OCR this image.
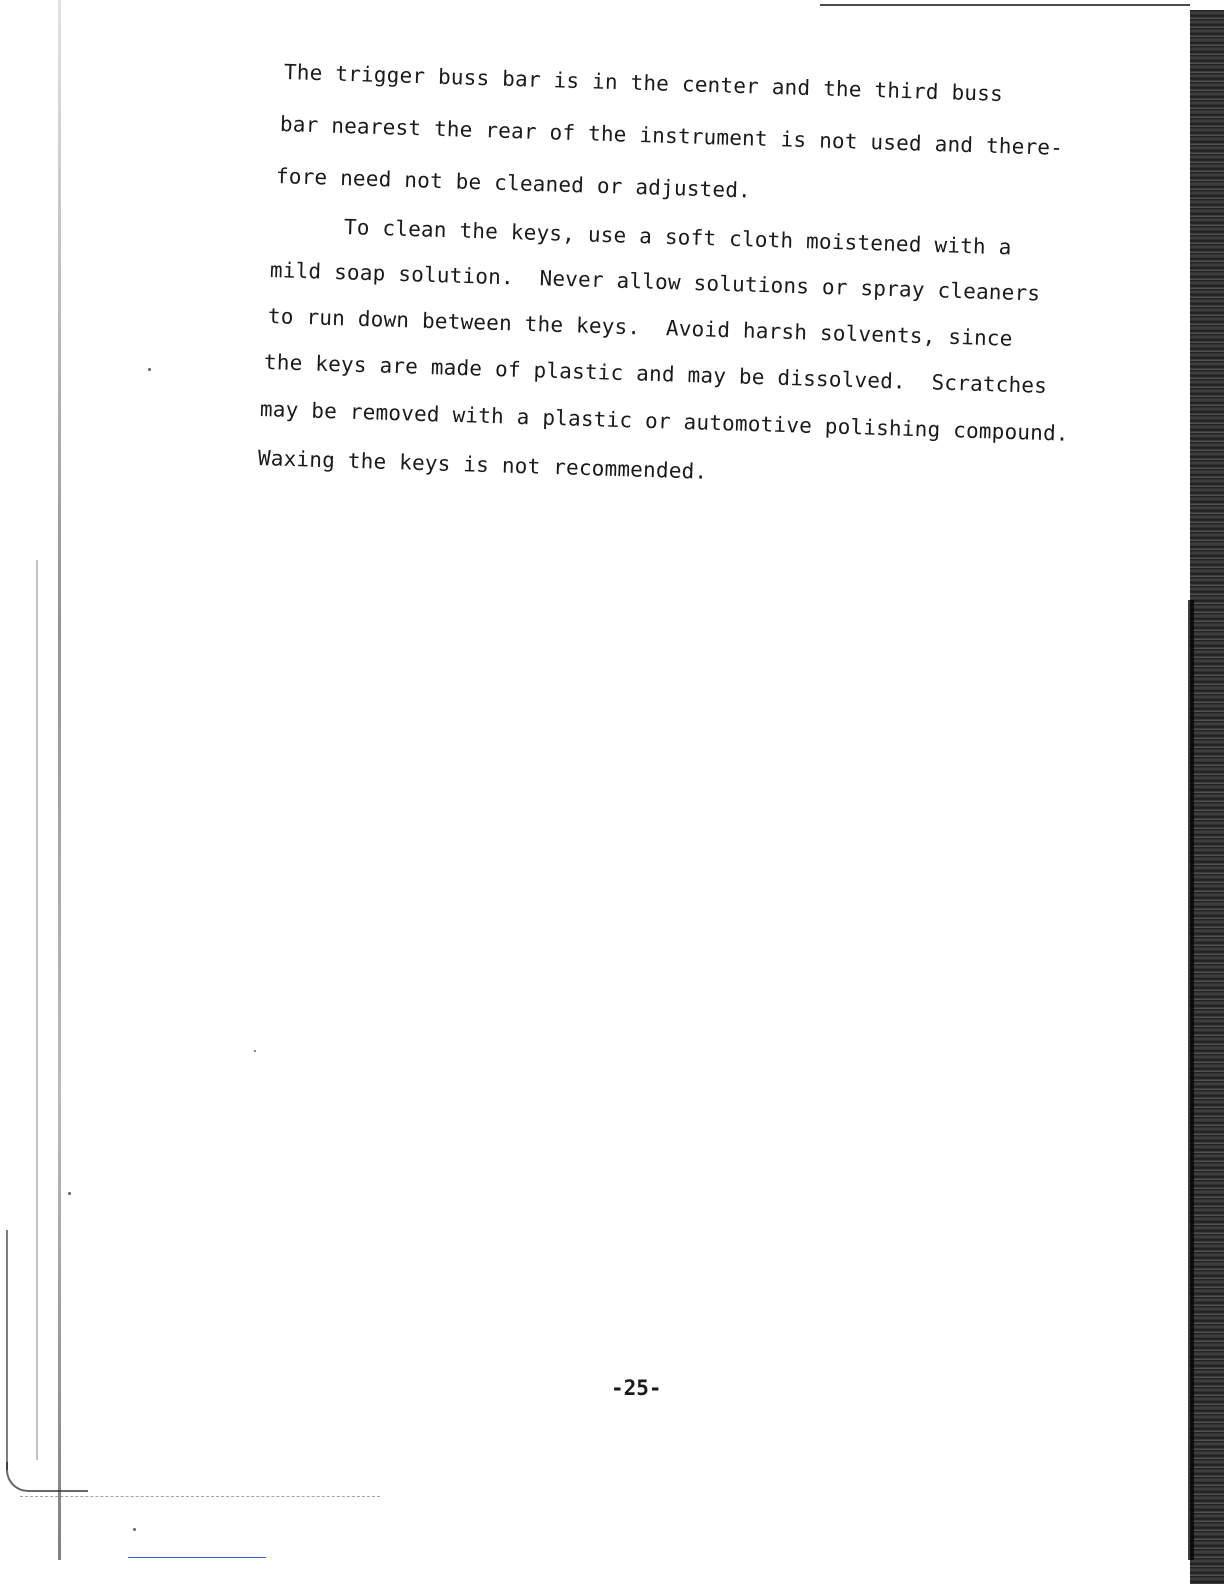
The trigger buss bar is in the center and the third buss
bar nearest the rear of the instrument is not used and there-
fore need not be cleaned or adjusted.
To clean the keys, use a soft cloth moistened with a
mild soap solution.  Never allow solutions or spray cleaners
to run down between the keys.  Avoid harsh solvents, since
the keys are made of plastic and may be dissolved.  Scratches
may be removed with a plastic or automotive polishing compound.
Waxing the keys is not recommended.
-25-
